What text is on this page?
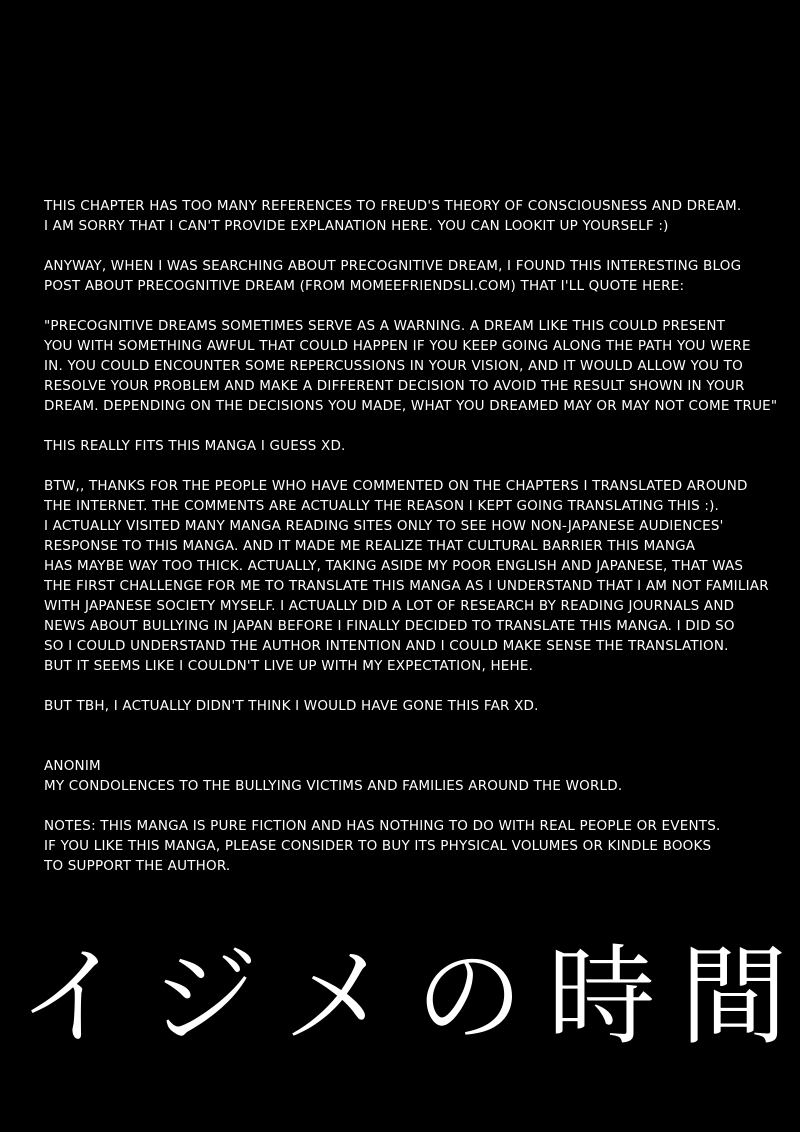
THIS CHAPTER HAS TOO MANY REFERENCES TO FREUD'S THEORY OF CONSCIOUSNESS AND DREAM.
I AM SORRY THAT I CAN'T PROVIDE EXPLANATION HERE. YOU CAN LOOKIT UP YOURSELF :)

ANYWAY, WHEN I WAS SEARCHING ABOUT PRECOGNITIVE DREAM, I FOUND THIS INTERESTING BLOG
POST ABOUT PRECOGNITIVE DREAM (FROM MOMEEFRIENDSLI.COM) THAT I'LL QUOTE HERE:

"PRECOGNITIVE DREAMS SOMETIMES SERVE AS A WARNING. A DREAM LIKE THIS COULD PRESENT
YOU WITH SOMETHING AWFUL THAT COULD HAPPEN IF YOU KEEP GOING ALONG THE PATH YOU WERE
IN. YOU COULD ENCOUNTER SOME REPERCUSSIONS IN YOUR VISION, AND IT WOULD ALLOW YOU TO
RESOLVE YOUR PROBLEM AND MAKE A DIFFERENT DECISION TO AVOID THE RESULT SHOWN IN YOUR
DREAM. DEPENDING ON THE DECISIONS YOU MADE, WHAT YOU DREAMED MAY OR MAY NOT COME TRUE"

THIS REALLY FITS THIS MANGA I GUESS XD.

BTW,, THANKS FOR THE PEOPLE WHO HAVE COMMENTED ON THE CHAPTERS I TRANSLATED AROUND
THE INTERNET. THE COMMENTS ARE ACTUALLY THE REASON I KEPT GOING TRANSLATING THIS :).
I ACTUALLY VISITED MANY MANGA READING SITES ONLY TO SEE HOW NON-JAPANESE AUDIENCES'
RESPONSE TO THIS MANGA. AND IT MADE ME REALIZE THAT CULTURAL BARRIER THIS MANGA
HAS MAYBE WAY TOO THICK. ACTUALLY, TAKING ASIDE MY POOR ENGLISH AND JAPANESE, THAT WAS
THE FIRST CHALLENGE FOR ME TO TRANSLATE THIS MANGA AS I UNDERSTAND THAT I AM NOT FAMILIAR
WITH JAPANESE SOCIETY MYSELF. I ACTUALLY DID A LOT OF RESEARCH BY READING JOURNALS AND
NEWS ABOUT BULLYING IN JAPAN BEFORE I FINALLY DECIDED TO TRANSLATE THIS MANGA. I DID SO
SO I COULD UNDERSTAND THE AUTHOR INTENTION AND I COULD MAKE SENSE THE TRANSLATION.
BUT IT SEEMS LIKE I COULDN'T LIVE UP WITH MY EXPECTATION, HEHE.

BUT TBH, I ACTUALLY DIDN'T THINK I WOULD HAVE GONE THIS FAR XD.

ANONIM

MY CONDOLENCES TO THE BULLYING VICTIMS AND FAMILIES AROUND THE WORLD.

NOTES: THIS MANGA IS PURE FICTION AND HAS NOTHING TO DO WITH REAL PEOPLE OR EVENTS.
IF YOU LIKE THIS MANGA, PLEASE CONSIDER TO BUY ITS PHYSICAL VOLUMES OR KINDLE BOOKS
TO SUPPORT THE AUTHOR.

イ ジ メ の 時 間
